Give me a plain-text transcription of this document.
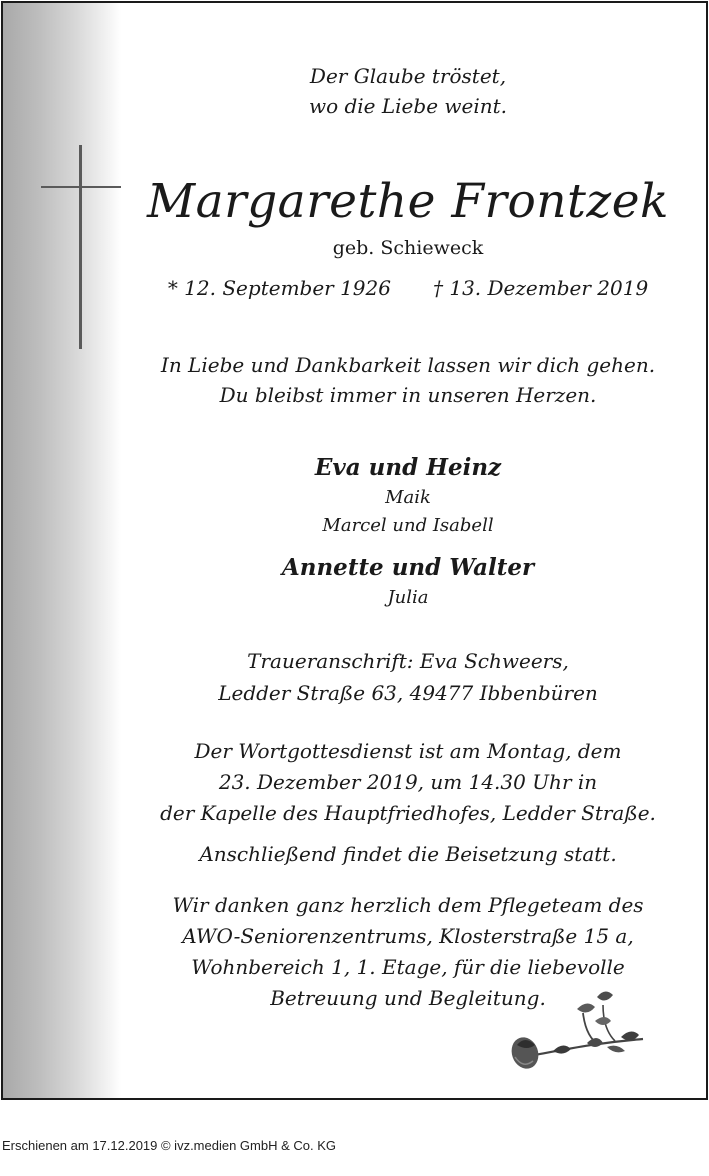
Der Glaube tröstet,
wo die Liebe weint.
Margarethe Frontzek
geb. Schieweck
* 12. September 1926 † 13. Dezember 2019
In Liebe und Dankbarkeit lassen wir dich gehen.
Du bleibst immer in unseren Herzen.
Eva und Heinz
Maik
Marcel und Isabell
Annette und Walter
Julia
Traueranschrift: Eva Schweers,
Ledder Straße 63, 49477 Ibbenbüren
Der Wortgottesdienst ist am Montag, dem
23. Dezember 2019, um 14.30 Uhr in
der Kapelle des Hauptfriedhofes, Ledder Straße.
Anschließend findet die Beisetzung statt.
Wir danken ganz herzlich dem Pflegeteam des
AWO-Seniorenzentrums, Klosterstraße 15 a,
Wohnbereich 1, 1. Etage, für die liebevolle
Betreuung und Begleitung.
Erschienen am 17.12.2019 © ivz.medien GmbH & Co. KG
